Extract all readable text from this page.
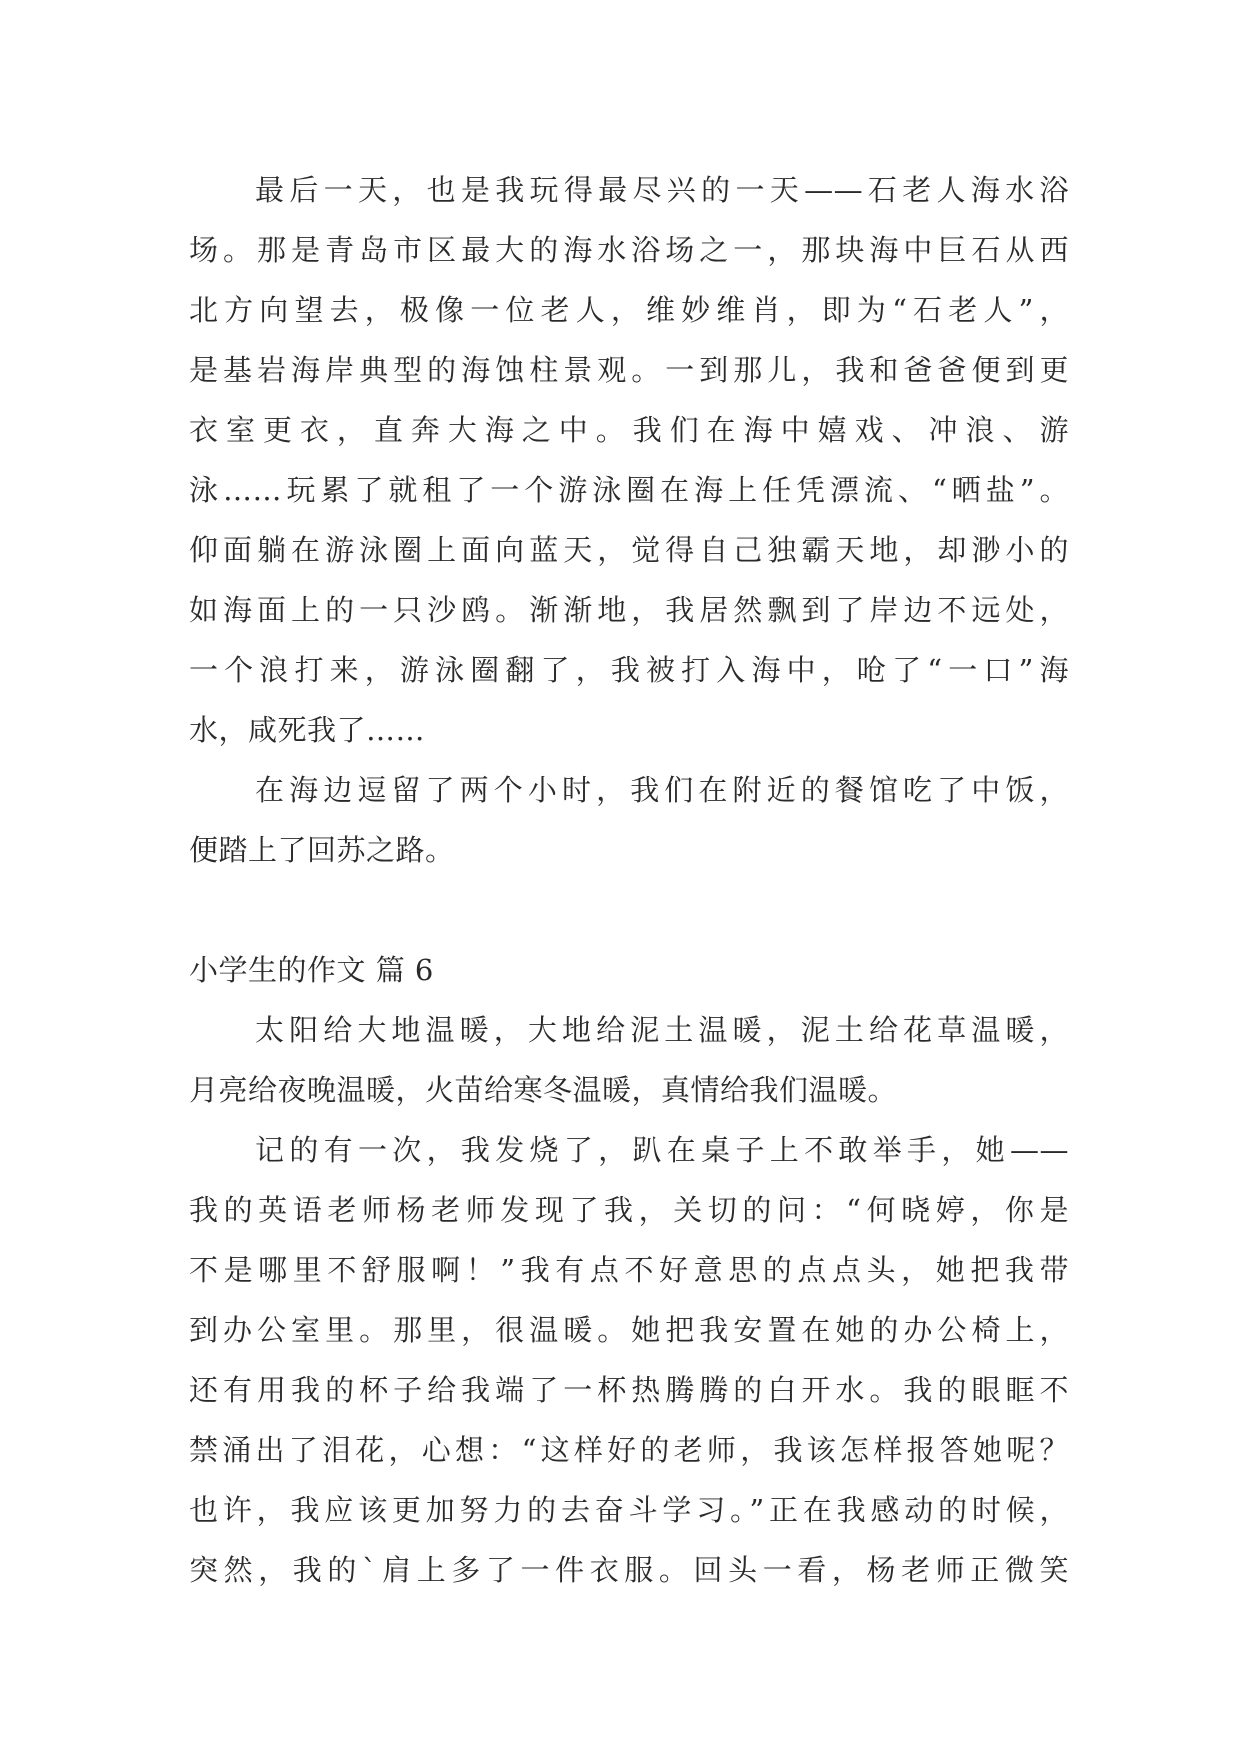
最后一天，也是我玩得最尽兴的一天——石老人海水浴
场。那是青岛市区最大的海水浴场之一，那块海中巨石从西
北方向望去，极像一位老人，维妙维肖，即为“石老人”，
是基岩海岸典型的海蚀柱景观。一到那儿，我和爸爸便到更
衣室更衣，直奔大海之中。我们在海中嬉戏、冲浪、游
泳……玩累了就租了一个游泳圈在海上任凭漂流、“晒盐”。
仰面躺在游泳圈上面向蓝天，觉得自己独霸天地，却渺小的
如海面上的一只沙鸥。渐渐地，我居然飘到了岸边不远处，
一个浪打来，游泳圈翻了，我被打入海中，呛了“一口”海
水，咸死我了……
在海边逗留了两个小时，我们在附近的餐馆吃了中饭，
便踏上了回苏之路。
小学生的作文 篇 6
太阳给大地温暖，大地给泥土温暖，泥土给花草温暖，
月亮给夜晚温暖，火苗给寒冬温暖，真情给我们温暖。
记的有一次，我发烧了，趴在桌子上不敢举手，她——
我的英语老师杨老师发现了我，关切的问：“何晓婷，你是
不是哪里不舒服啊！”我有点不好意思的点点头，她把我带
到办公室里。那里，很温暖。她把我安置在她的办公椅上，
还有用我的杯子给我端了一杯热腾腾的白开水。我的眼眶不
禁涌出了泪花，心想：“这样好的老师，我该怎样报答她呢？
也许，我应该更加努力的去奋斗学习。”正在我感动的时候，
突然，我的`肩上多了一件衣服。回头一看，杨老师正微笑
